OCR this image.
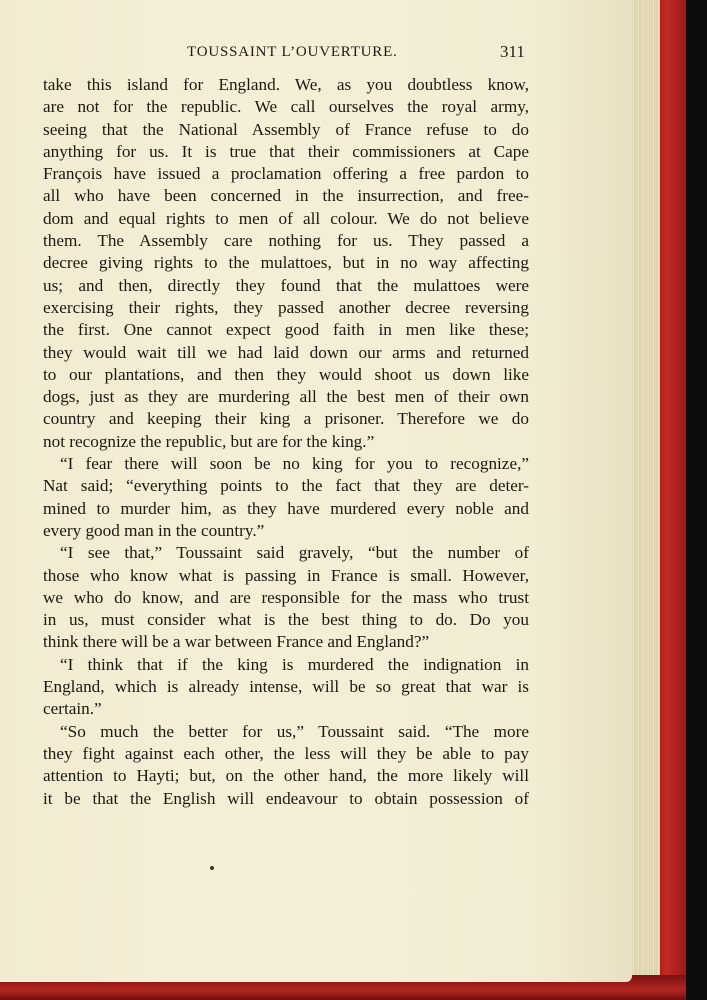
TOUSSAINT L’OUVERTURE.	311
take this island for England. We, as you doubtless know,
are not for the republic. We call ourselves the royal army,
seeing that the National Assembly of France refuse to do
anything for us. It is true that their commissioners at Cape
François have issued a proclamation offering a free pardon to
all who have been concerned in the insurrection, and free-
dom and equal rights to men of all colour. We do not believe
them. The Assembly care nothing for us. They passed a
decree giving rights to the mulattoes, but in no way affecting
us; and then, directly they found that the mulattoes were
exercising their rights, they passed another decree reversing
the first. One cannot expect good faith in men like these;
they would wait till we had laid down our arms and returned
to our plantations, and then they would shoot us down like
dogs, just as they are murdering all the best men of their own
country and keeping their king a prisoner. Therefore we do
not recognize the republic, but are for the king.”
“I fear there will soon be no king for you to recognize,”
Nat said; “everything points to the fact that they are deter-
mined to murder him, as they have murdered every noble and
every good man in the country.”
“I see that,” Toussaint said gravely, “but the number of
those who know what is passing in France is small. However,
we who do know, and are responsible for the mass who trust
in us, must consider what is the best thing to do. Do you
think there will be a war between France and England?”
“I think that if the king is murdered the indignation in
England, which is already intense, will be so great that war is
certain.”
“So much the better for us,” Toussaint said. “The more
they fight against each other, the less will they be able to pay
attention to Hayti; but, on the other hand, the more likely will
it be that the English will endeavour to obtain possession of
